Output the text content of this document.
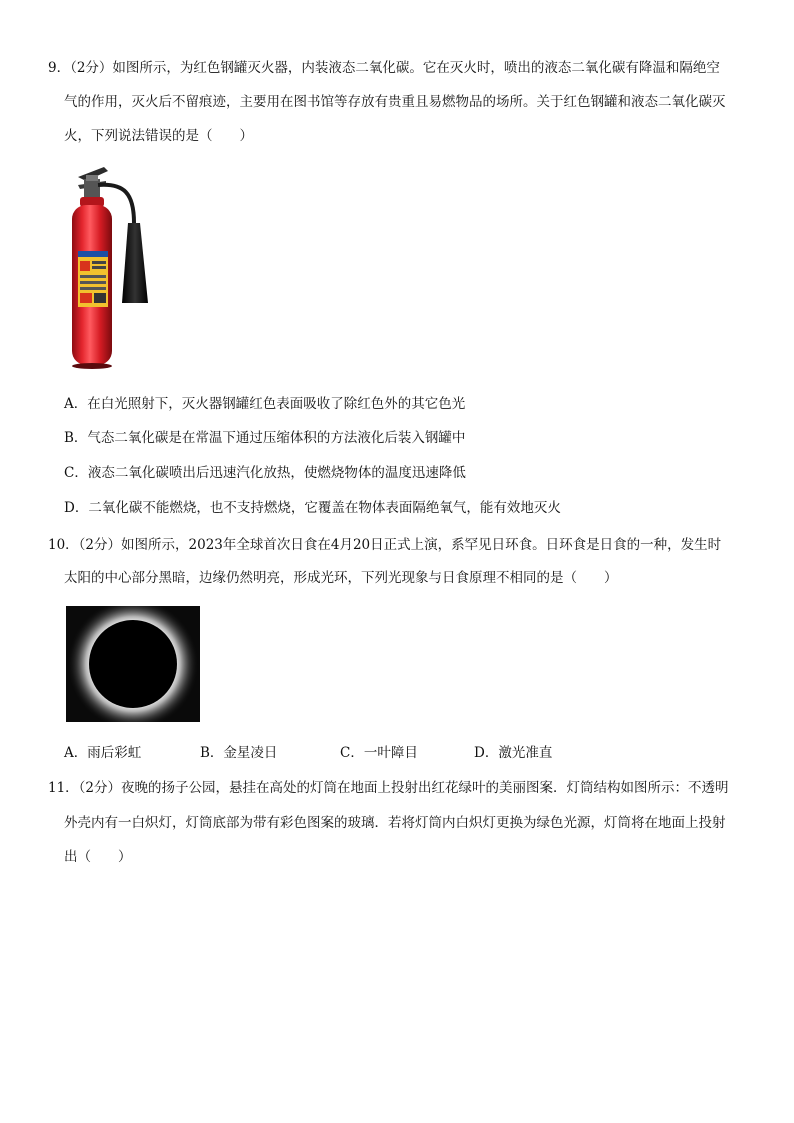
9．（2分）如图所示，为红色钢罐灭火器，内装液态二氧化碳。它在灭火时，喷出的液态二氧化碳有降温和隔绝空
气的作用，灭火后不留痕迹，主要用在图书馆等存放有贵重且易燃物品的场所。关于红色钢罐和液态二氧化碳灭
火，下列说法错误的是（　　）
A．在白光照射下，灭火器钢罐红色表面吸收了除红色外的其它色光
B．气态二氧化碳是在常温下通过压缩体积的方法液化后装入钢罐中
C．液态二氧化碳喷出后迅速汽化放热，使燃烧物体的温度迅速降低
D．二氧化碳不能燃烧，也不支持燃烧，它覆盖在物体表面隔绝氧气，能有效地灭火
10．（2分）如图所示，2023年全球首次日食在4月20日正式上演，系罕见日环食。日环食是日食的一种，发生时
太阳的中心部分黑暗，边缘仍然明亮，形成光环，下列光现象与日食原理不相同的是（　　）
A．雨后彩虹	B．金星凌日	C．一叶障目	D．激光准直
11．（2分）夜晚的扬子公园，悬挂在高处的灯筒在地面上投射出红花绿叶的美丽图案．灯筒结构如图所示：不透明
外壳内有一白炽灯，灯筒底部为带有彩色图案的玻璃．若将灯筒内白炽灯更换为绿色光源，灯筒将在地面上投射
出（　　）
